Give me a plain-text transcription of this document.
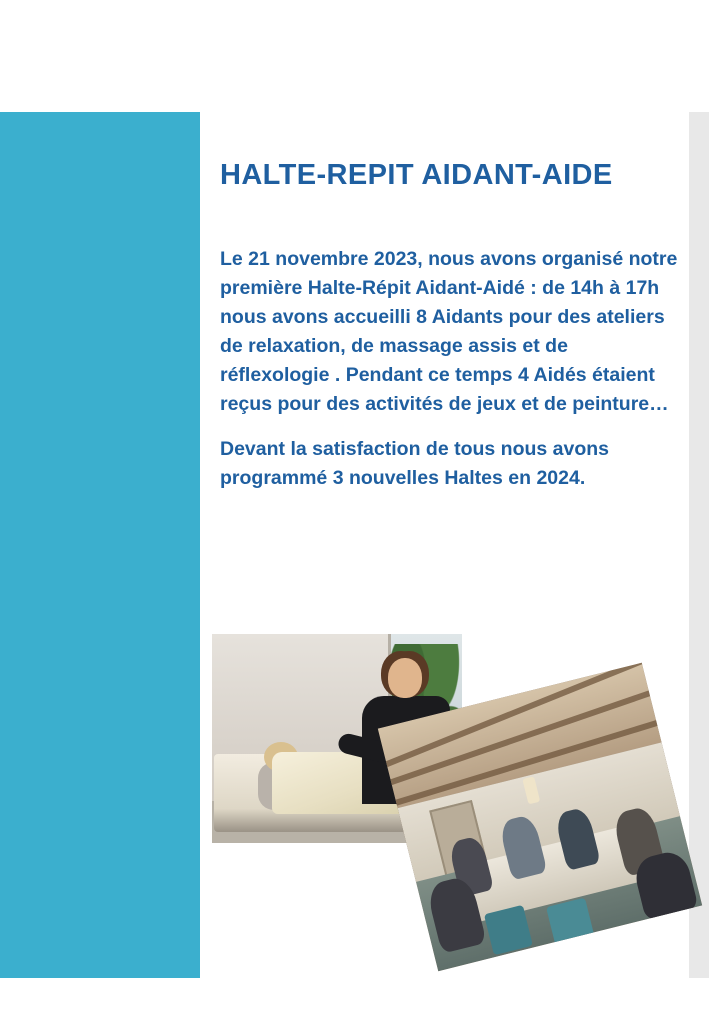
HALTE-REPIT AIDANT-AIDE

Le 21 novembre 2023, nous avons organisé notre première Halte-Répit Aidant-Aidé : de 14h à 17h nous avons accueilli 8 Aidants pour des ateliers de relaxation, de massage assis et de réflexologie . Pendant ce temps 4 Aidés étaient reçus pour des activités de jeux et de peinture…

Devant la satisfaction de tous nous avons programmé 3 nouvelles Haltes en 2024.
